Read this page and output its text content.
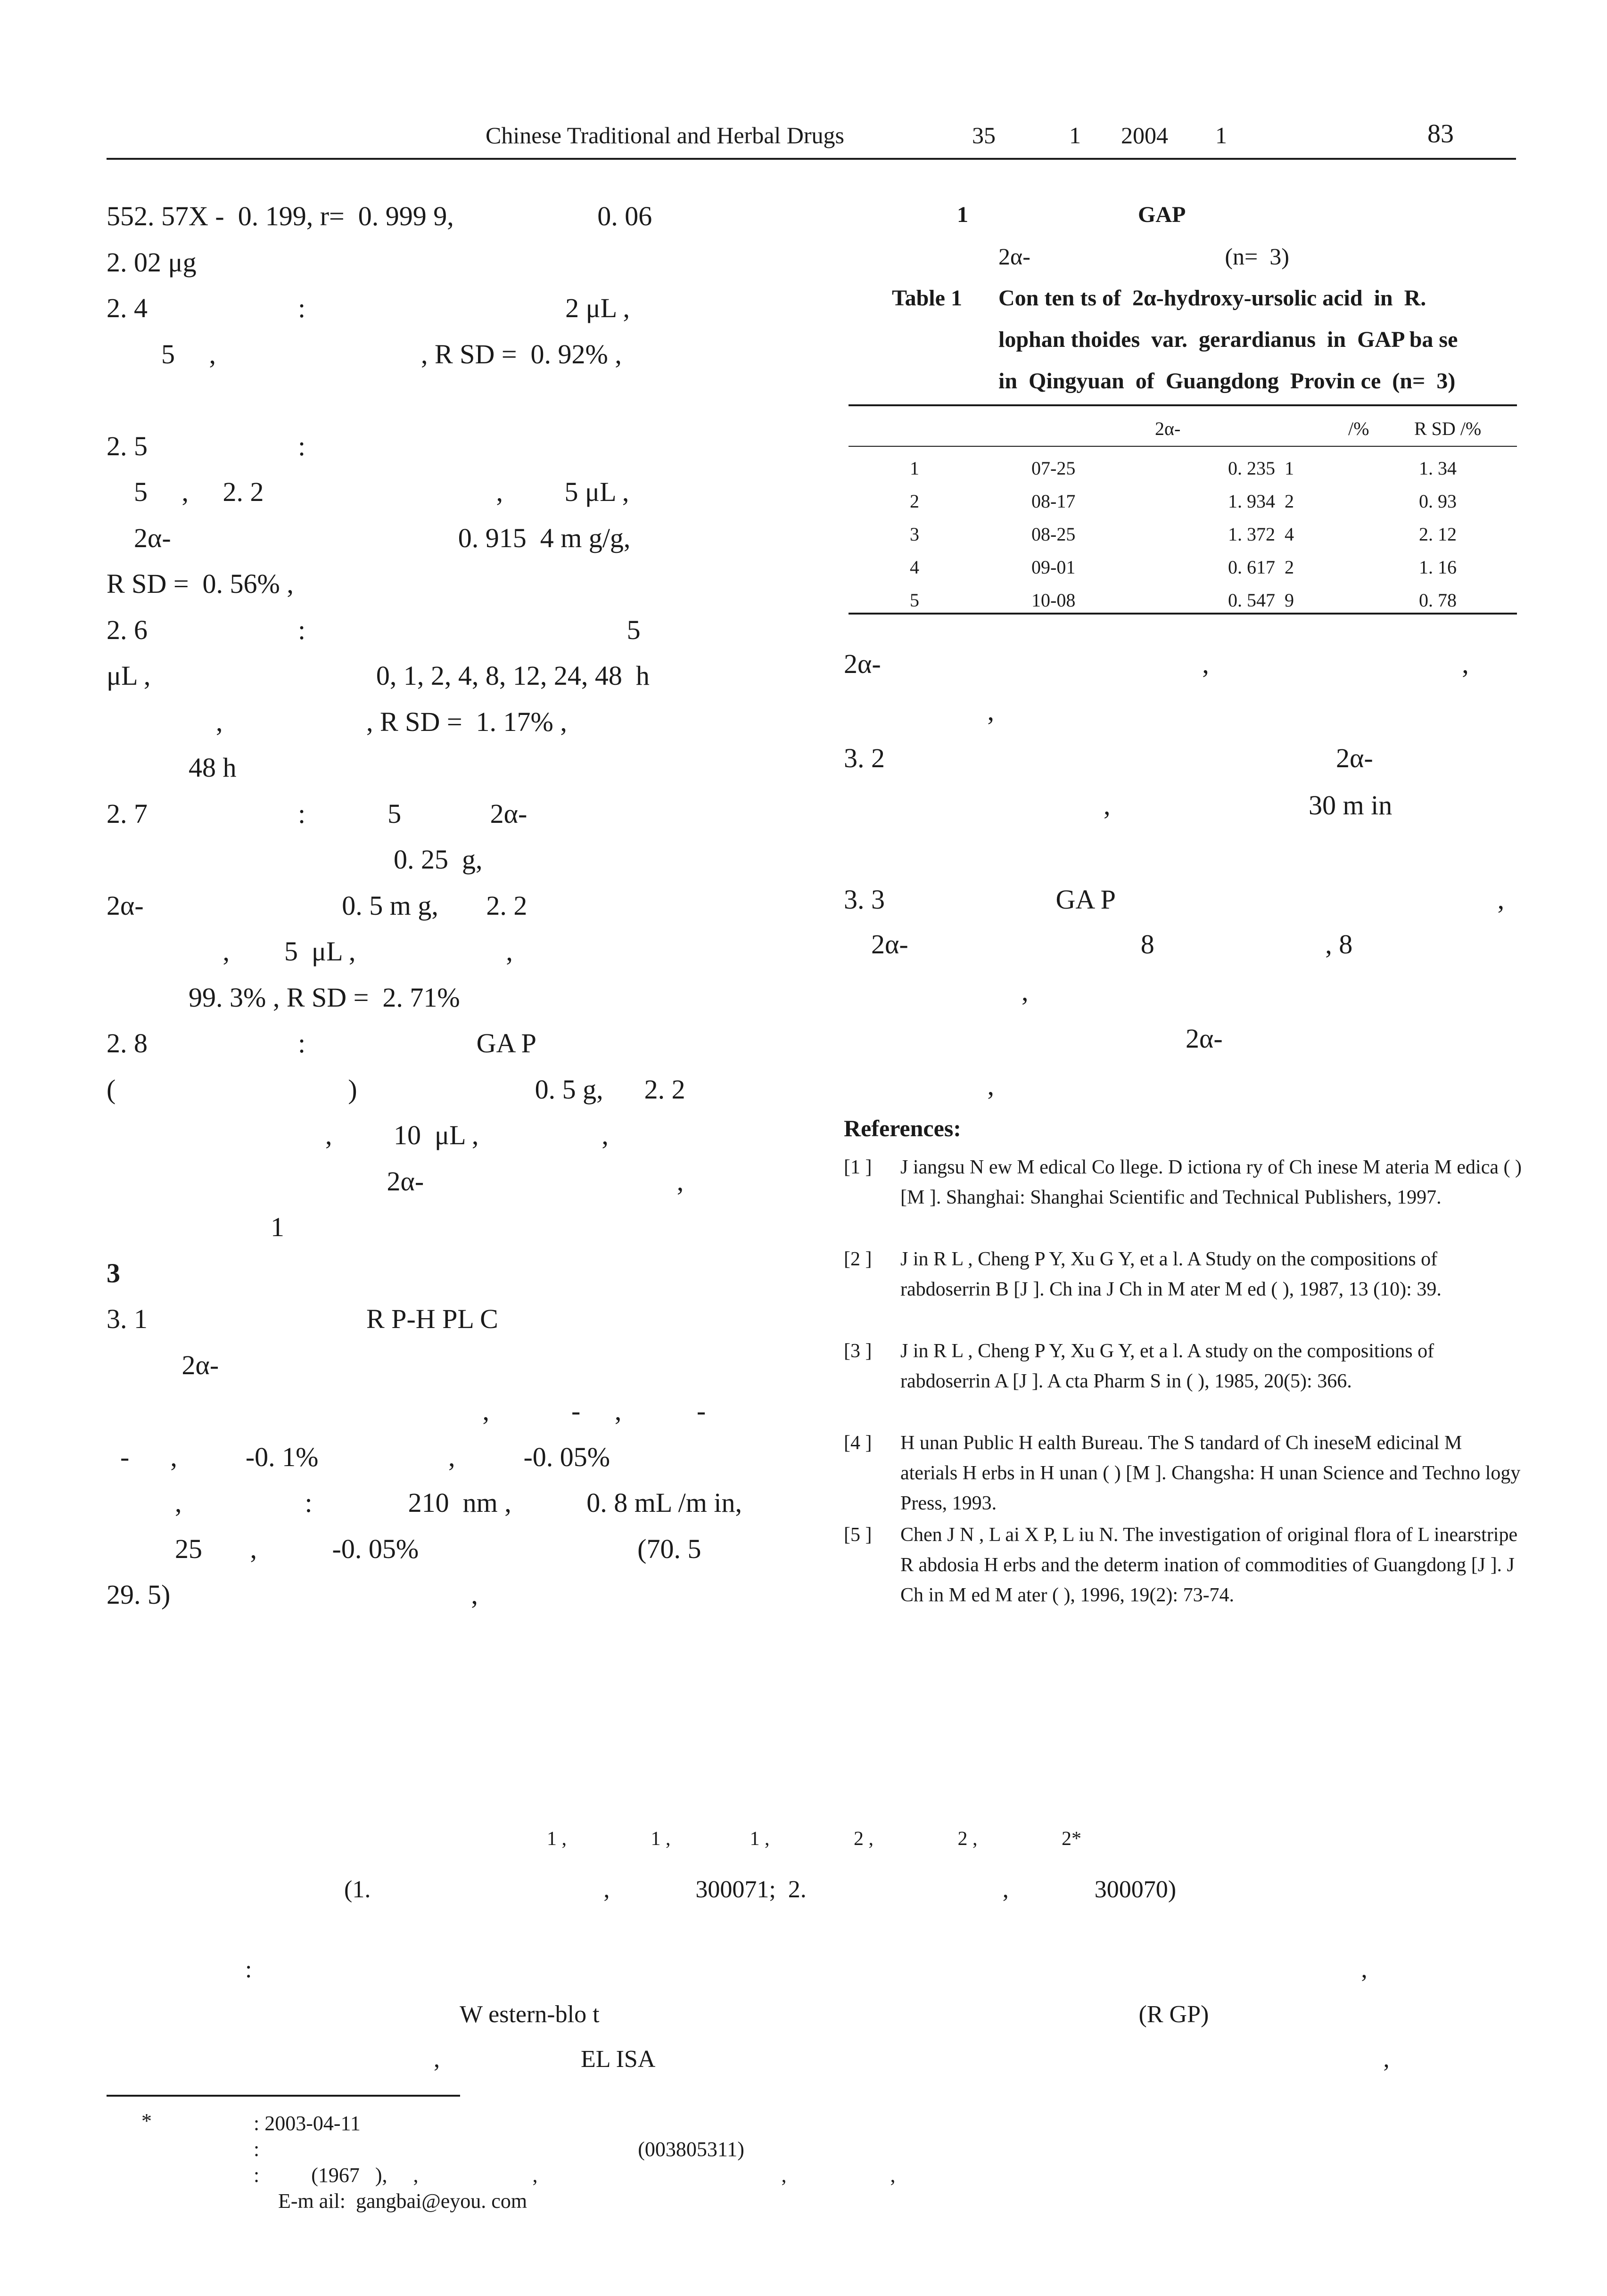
Chinese Traditional and Herbal Drugs	35	1 2004 1	83
552. 57X -  0. 199, r=  0. 999 9,                     0. 06
2. 02 μg
2. 4                      :                                      2 μL ,
5     ,                              , R SD =  0. 92% ,
2. 5                      :
5     ,     2. 2                                  ,         5 μL ,
2α-                                          0. 915  4 m g/g,
R SD =  0. 56% ,
2. 6                      :                                               5
μL ,                                 0, 1, 2, 4, 8, 12, 24, 48  h
,                     , R SD =  1. 17% ,
48 h
2. 7                      :            5             2α-
0. 25  g,
2α-                             0. 5 m g,       2. 2
,        5  μL ,                      ,
99. 3% , R SD =  2. 71%
2. 8                      :                         GA P
(                                  )                          0. 5 g,      2. 2
,         10  μL ,                  ,
2α-                                     ,
1
3
3. 1                                R P-H PL C
2α-
,            -     ,           -
-      ,          -0. 1%                   ,          -0. 05%
,                  :              210  nm ,           0. 8 mL /m in,
25       ,           -0. 05%                                (70. 5
29. 5)                                            ,
1                              GAP
2α-                                 (n=  3)
Table 1 Con ten ts of  2α-hydroxy-ursolic acid  in  R.
lophan thoides  var.  gerardianus  in  GAP ba se
in  Qingyuan  of  Guangdong  Provin ce  (n=  3)
2α-	/% R SD /%
1	07-25	0. 235  1	1. 34
2	08-17	1. 934  2	0. 93
3	08-25	1. 372  4	2. 12
4	09-01	0. 617  2	1. 16
5	10-08	0. 547  9	0. 78
2α-                                               ,                                     ,
,
3. 2                                                                  2α-
,                             30 m in
3. 3                         GA P                                                        ,
2α-                                  8                         , 8
,
2α-
,
References:
[1 ] J iangsu N ew M edical Co llege. D ictiona ry of Ch inese M ateria M edica ( ) [M ]. Shanghai: Shanghai Scientific and Technical Publishers, 1997.
[2 ] J in R L , Cheng P Y, Xu G Y, et a l. A Study on the compositions of rabdoserrin B [J ]. Ch ina J Ch in M ater M ed ( ), 1987, 13 (10): 39.
[3 ] J in R L , Cheng P Y, Xu G Y, et a l. A study on the compositions of rabdoserrin A [J ]. A cta Pharm S in ( ), 1985, 20(5): 366.
[4 ] H unan Public H ealth Bureau. The S tandard of Ch ineseM edicinal M aterials H erbs in H unan ( ) [M ]. Changsha: H unan Science and Techno logy Press, 1993.
[5 ] Chen J N , L ai X P, L iu N. The investigation of original flora of L inearstripe R abdosia H erbs and the determ ination of commodities of Guangdong [J ]. J Ch in M ed M ater ( ), 1996, 19(2): 73-74.
1 ,                 1 ,                1 ,                 2 ,                 2 ,                 2*
(1.                                      ,              300071;  2.                                ,              300070)
:                                                                                                                                                                                     ,
W estern-blo t                                                                                        (R GP)
,                       EL ISA                                                                                                                       ,
*	: 2003-04-11
:                                                                         (003805311)
:          (1967   ),     ,                      ,                                               ,                    ,
E-m ail:  gangbai@eyou. com
